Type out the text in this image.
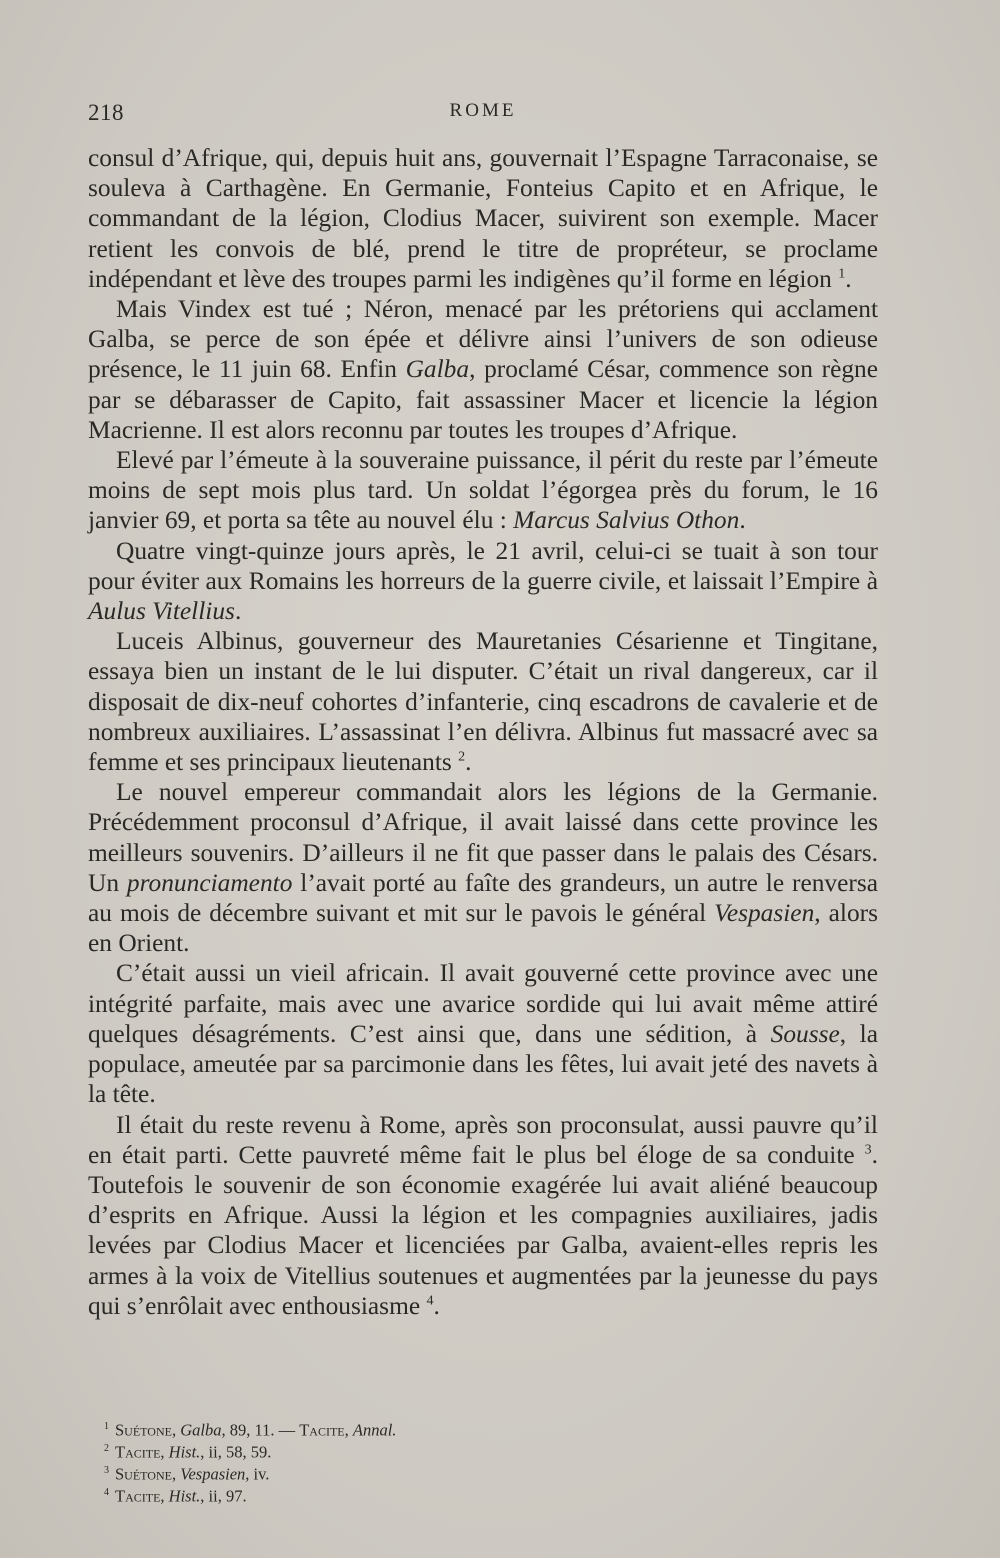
218	ROME

consul d’Afrique, qui, depuis huit ans, gouvernait l’Espagne Tarraconaise, se souleva à Carthagène. En Germanie, Fonteius Capito et en Afrique, le commandant de la légion, Clodius Macer, suivirent son exemple. Macer retient les convois de blé, prend le titre de propréteur, se proclame indépendant et lève des troupes parmi les indigènes qu’il forme en légion $^1$.

Mais Vindex est tué ; Néron, menacé par les prétoriens qui acclament Galba, se perce de son épée et délivre ainsi l’univers de son odieuse présence, le 11 juin 68. Enfin Galba, proclamé César, commence son règne par se débarasser de Capito, fait assassiner Macer et licencie la légion Macrienne. Il est alors reconnu par toutes les troupes d’Afrique.

Elevé par l’émeute à la souveraine puissance, il périt du reste par l’émeute moins de sept mois plus tard. Un soldat l’égorgea près du forum, le 16 janvier 69, et porta sa tête au nouvel élu : Marcus Salvius Othon.

Quatre vingt-quinze jours après, le 21 avril, celui-ci se tuait à son tour pour éviter aux Romains les horreurs de la guerre civile, et laissait l’Empire à Aulus Vitellius.

Luceis Albinus, gouverneur des Mauretanies Césarienne et Tingitane, essaya bien un instant de le lui disputer. C’était un rival dangereux, car il disposait de dix-neuf cohortes d’infanterie, cinq escadrons de cavalerie et de nombreux auxiliaires. L’assassinat l’en délivra. Albinus fut massacré avec sa femme et ses principaux lieutenants $^2$.

Le nouvel empereur commandait alors les légions de la Germanie. Précédemment proconsul d’Afrique, il avait laissé dans cette province les meilleurs souvenirs. D’ailleurs il ne fit que passer dans le palais des Césars. Un pronunciamento l’avait porté au faîte des grandeurs, un autre le renversa au mois de décembre suivant et mit sur le pavois le général Vespasien, alors en Orient.

C’était aussi un vieil africain. Il avait gouverné cette province avec une intégrité parfaite, mais avec une avarice sordide qui lui avait même attiré quelques désagréments. C’est ainsi que, dans une sédition, à Sousse, la populace, ameutée par sa parcimonie dans les fêtes, lui avait jeté des navets à la tête.

Il était du reste revenu à Rome, après son proconsulat, aussi pauvre qu’il en était parti. Cette pauvreté même fait le plus bel éloge de sa conduite $^3$. Toutefois le souvenir de son économie exagérée lui avait aliéné beaucoup d’esprits en Afrique. Aussi la légion et les compagnies auxiliaires, jadis levées par Clodius Macer et licenciées par Galba, avaient-elles repris les armes à la voix de Vitellius soutenues et augmentées par la jeunesse du pays qui s’enrôlait avec enthousiasme $^4$.

$^1$ Suétone, Galba, 89, 11. — Tacite, Annal.
$^2$ Tacite, Hist., ii, 58, 59.
$^3$ Suétone, Vespasien, iv.
$^4$ Tacite, Hist., ii, 97.
